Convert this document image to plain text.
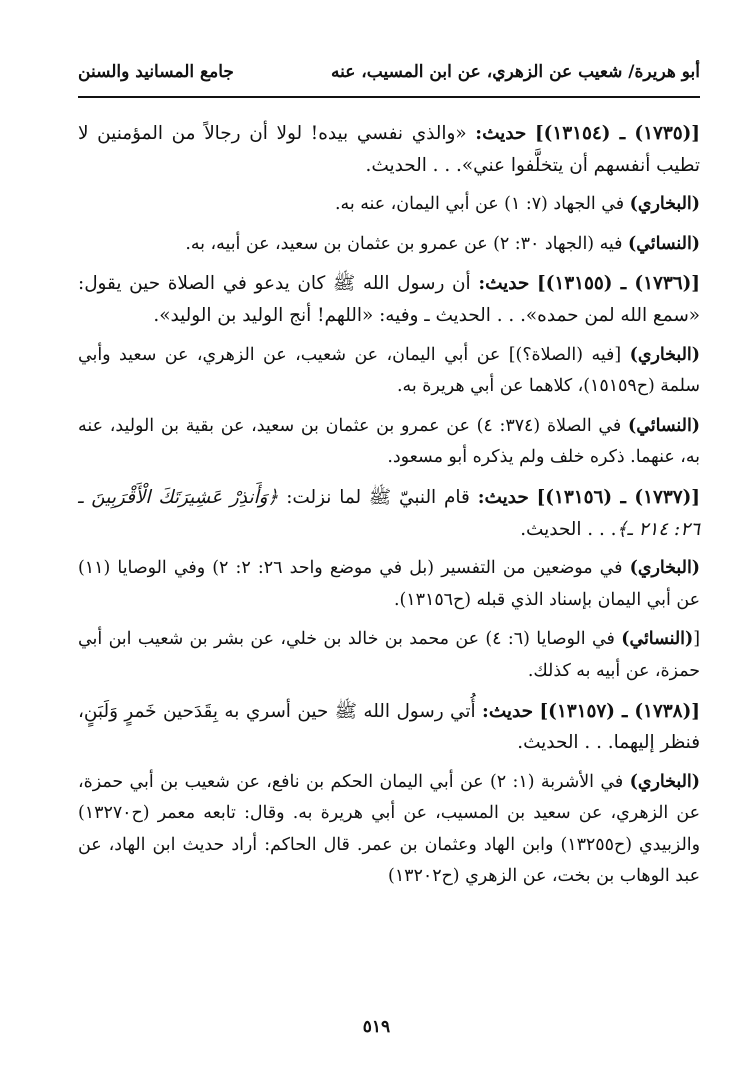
أبو هريرة/ شعيب عن الزهري، عن ابن المسيب، عنه
جامع المسانيد والسنن

[(١٧٣٥) ـ (١٣١٥٤)] حديث: «والذي نفسي بيده! لولا أن رجالاً من المؤمنين لا تطيب أنفسهم أن يتخلَّفوا عني». . . الحديث.

(البخاري) في الجهاد (٧: ١) عن أبي اليمان، عنه به.

(النسائي) فيه (الجهاد ٣٠: ٢) عن عمرو بن عثمان بن سعيد، عن أبيه، به.

[(١٧٣٦) ـ (١٣١٥٥)] حديث: أن رسول الله ﷺ كان يدعو في الصلاة حين يقول: «سمع الله لمن حمده». . . الحديث ـ وفيه: «اللهم! أنج الوليد بن الوليد».

(البخاري) [فيه (الصلاة؟)] عن أبي اليمان، عن شعيب، عن الزهري، عن سعيد وأبي سلمة (ح١٥١٥٩)، كلاهما عن أبي هريرة به.

(النسائي) في الصلاة (٣٧٤: ٤) عن عمرو بن عثمان بن سعيد، عن بقية بن الوليد، عنه به، عنهما. ذكره خلف ولم يذكره أبو مسعود.

[(١٧٣٧) ـ (١٣١٥٦)] حديث: قام النبيّ ﷺ لما نزلت: ﴿وَأَنذِرْ عَشِيرَتَكَ الْأَقْرَبِينَ ـ ٢٦: ٢١٤ ـ﴾. . . الحديث.

(البخاري) في موضعين من التفسير (بل في موضع واحد ٢٦: ٢: ٢) وفي الوصايا (١١) عن أبي اليمان بإسناد الذي قبله (ح١٣١٥٦).

[(النسائي) في الوصايا (٦: ٤) عن محمد بن خالد بن خلي، عن بشر بن شعيب ابن أبي حمزة، عن أبيه به كذلك.

[(١٧٣٨) ـ (١٣١٥٧)] حديث: أُتي رسول الله ﷺ حين أسري به بِقَدَحين خَمرٍ وَلَبَنٍ، فنظر إليهما. . . الحديث.

(البخاري) في الأشربة (١: ٢) عن أبي اليمان الحكم بن نافع، عن شعيب بن أبي حمزة، عن الزهري، عن سعيد بن المسيب، عن أبي هريرة به. وقال: تابعه معمر (ح١٣٢٧٠) والزبيدي (ح١٣٢٥٥) وابن الهاد وعثمان بن عمر. قال الحاكم: أراد حديث ابن الهاد، عن عبد الوهاب بن بخت، عن الزهري (ح١٣٢٠٢)

٥١٩
